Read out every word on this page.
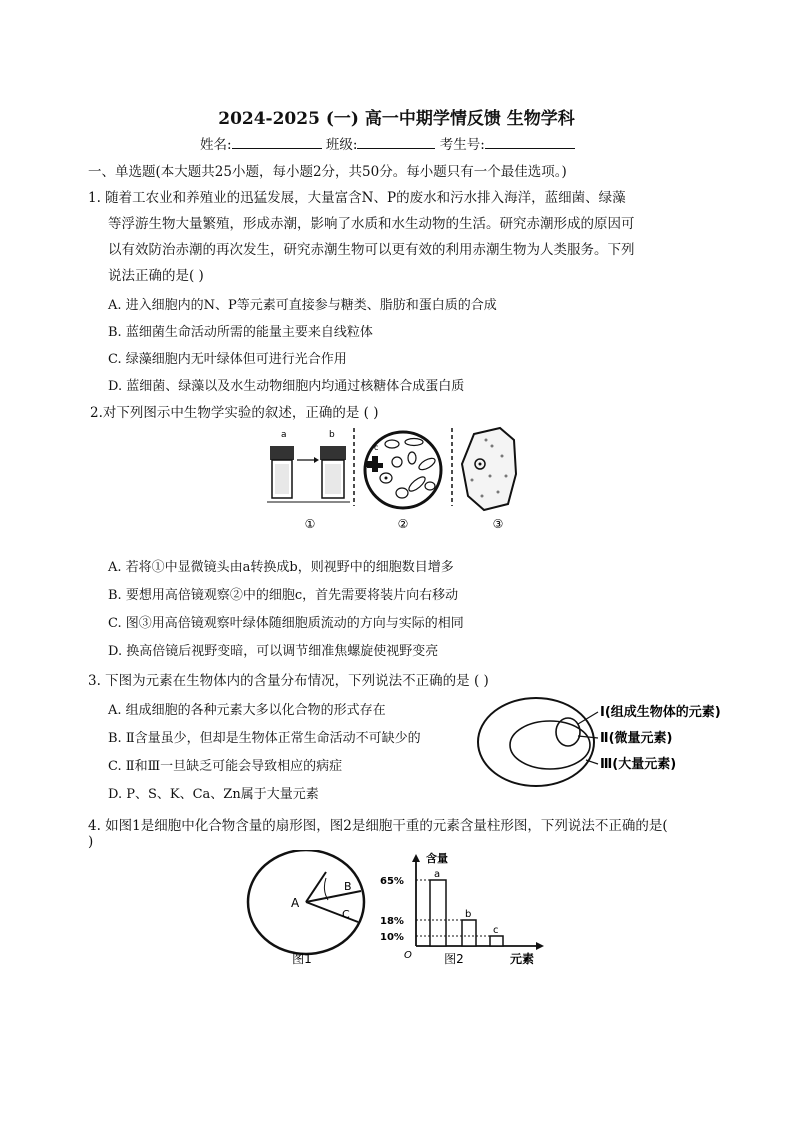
2024-2025 (一) 高一中期学情反馈 生物学科
姓名:	班级:	考生号:
一、单选题(本大题共25小题，每小题2分，共50分。每小题只有一个最佳选项。)
1. 随着工农业和养殖业的迅猛发展，大量富含N、P的废水和污水排入海洋，蓝细菌、绿藻
等浮游生物大量繁殖，形成赤潮，影响了水质和水生动物的生活。研究赤潮形成的原因可
以有效防治赤潮的再次发生，研究赤潮生物可以更有效的利用赤潮生物为人类服务。下列
说法正确的是( )
A. 进入细胞内的N、P等元素可直接参与糖类、脂肪和蛋白质的合成
B. 蓝细菌生命活动所需的能量主要来自线粒体
C. 绿藻细胞内无叶绿体但可进行光合作用
D. 蓝细菌、绿藻以及水生动物细胞内均通过核糖体合成蛋白质
2.对下列图示中生物学实验的叙述，正确的是 ( )
a	b
c
①	②	③
A. 若将①中显微镜头由a转换成b，则视野中的细胞数目增多
B. 要想用高倍镜观察②中的细胞c，首先需要将装片向右移动
C. 图③用高倍镜观察叶绿体随细胞质流动的方向与实际的相同
D. 换高倍镜后视野变暗，可以调节细准焦螺旋使视野变亮
3. 下图为元素在生物体内的含量分布情况，下列说法不正确的是 ( )
A. 组成细胞的各种元素大多以化合物的形式存在
B. Ⅱ含量虽少，但却是生物体正常生命活动不可缺少的
C. Ⅱ和Ⅲ一旦缺乏可能会导致相应的病症
D. P、S、K、Ca、Zn属于大量元素
Ⅰ(组成生物体的元素)
Ⅱ(微量元素)
Ⅲ(大量元素)
4. 如图1是细胞中化合物含量的扇形图，图2是细胞干重的元素含量柱形图，下列说法不正确的是(
)
A
B
C
图1
含量
65%
18%
10%
a
b
c
O	图2	元素
